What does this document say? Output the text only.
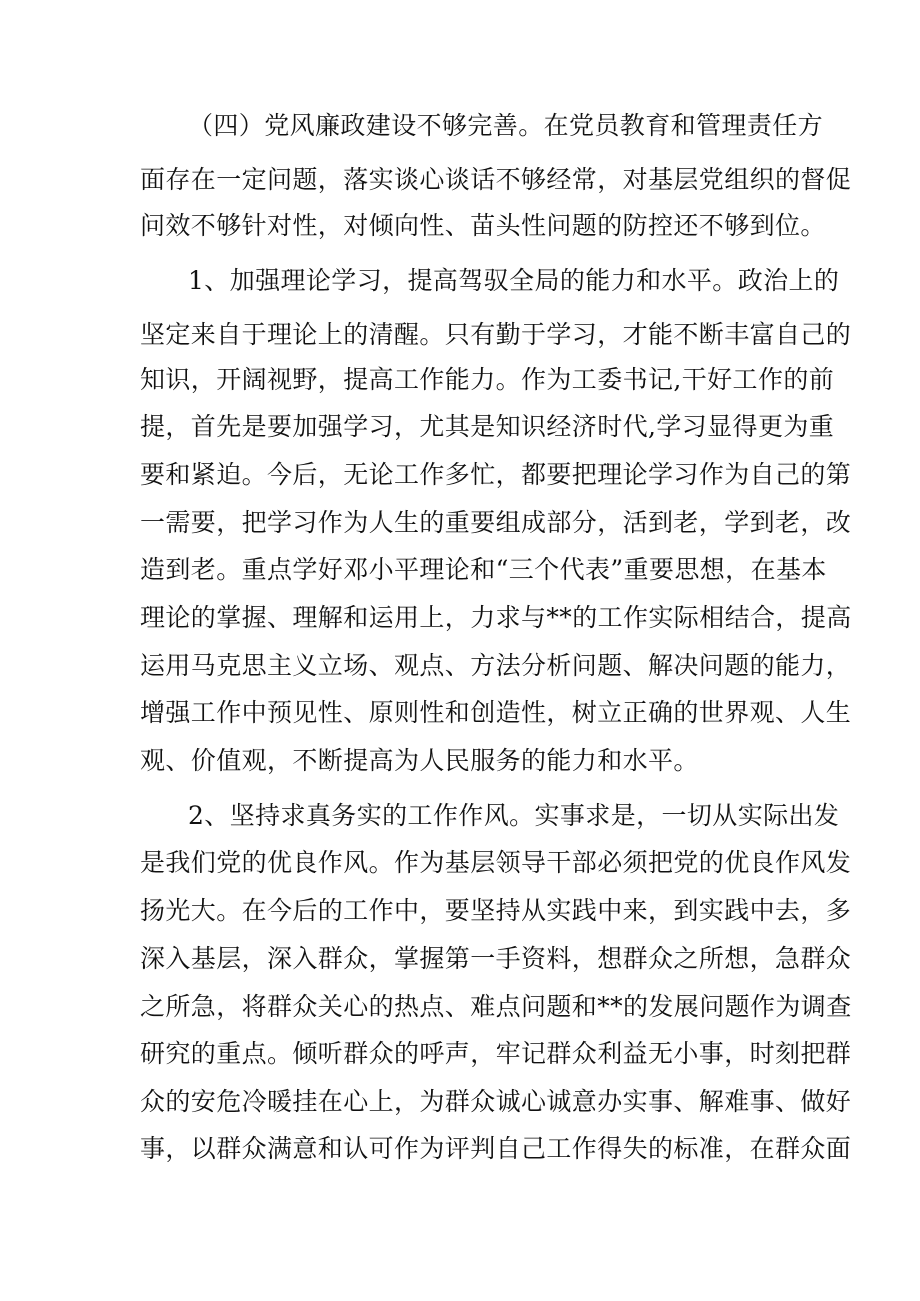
（四）党风廉政建设不够完善。在党员教育和管理责任方

面存在一定问题，落实谈心谈话不够经常，对基层党组织的督促

问效不够针对性，对倾向性、苗头性问题的防控还不够到位。

1、加强理论学习，提高驾驭全局的能力和水平。政治上的

坚定来自于理论上的清醒。只有勤于学习，才能不断丰富自己的

知识，开阔视野，提高工作能力。作为工委书记,干好工作的前

提，首先是要加强学习，尤其是知识经济时代,学习显得更为重

要和紧迫。今后，无论工作多忙，都要把理论学习作为自己的第

一需要，把学习作为人生的重要组成部分，活到老，学到老，改

造到老。重点学好邓小平理论和“三个代表”重要思想，在基本

理论的掌握、理解和运用上，力求与**的工作实际相结合，提高

运用马克思主义立场、观点、方法分析问题、解决问题的能力，

增强工作中预见性、原则性和创造性，树立正确的世界观、人生

观、价值观，不断提高为人民服务的能力和水平。

2、坚持求真务实的工作作风。实事求是，一切从实际出发

是我们党的优良作风。作为基层领导干部必须把党的优良作风发

扬光大。在今后的工作中，要坚持从实践中来，到实践中去，多

深入基层，深入群众，掌握第一手资料，想群众之所想，急群众

之所急，将群众关心的热点、难点问题和**的发展问题作为调查

研究的重点。倾听群众的呼声，牢记群众利益无小事，时刻把群

众的安危冷暖挂在心上，为群众诚心诚意办实事、解难事、做好

事，以群众满意和认可作为评判自己工作得失的标准，在群众面
